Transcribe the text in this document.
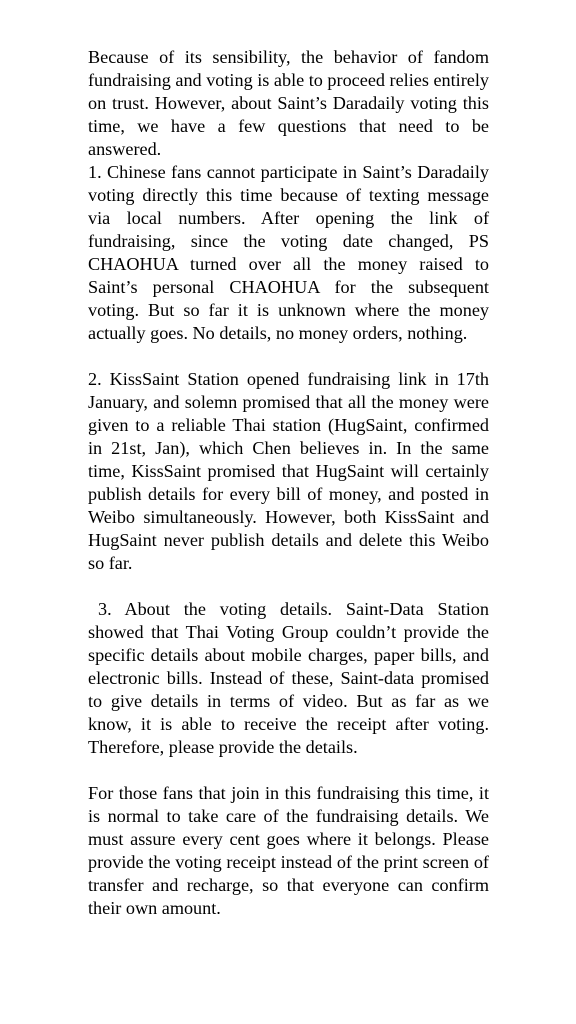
Because of its sensibility, the behavior of fandom fundraising and voting is able to proceed relies entirely on trust. However, about Saint’s Daradaily voting this time, we have a few questions that need to be answered.

1. Chinese fans cannot participate in Saint’s Daradaily voting directly this time because of texting message via local numbers. After opening the link of fundraising, since the voting date changed, PS CHAOHUA turned over all the money raised to Saint’s personal CHAOHUA for the subsequent voting. But so far it is unknown where the money actually goes. No details, no money orders, nothing.

2. KissSaint Station opened fundraising link in 17th January, and solemn promised that all the money were given to a reliable Thai station (HugSaint, confirmed in 21st, Jan), which Chen believes in. In the same time, KissSaint promised that HugSaint will certainly publish details for every bill of money, and posted in Weibo simultaneously. However, both KissSaint and HugSaint never publish details and delete this Weibo so far.

3. About the voting details. Saint-Data Station showed that Thai Voting Group couldn’t provide the specific details about mobile charges, paper bills, and electronic bills. Instead of these, Saint-data promised to give details in terms of video. But as far as we know, it is able to receive the receipt after voting. Therefore, please provide the details.

For those fans that join in this fundraising this time, it is normal to take care of the fundraising details. We must assure every cent goes where it belongs. Please provide the voting receipt instead of the print screen of transfer and recharge, so that everyone can confirm their own amount.
